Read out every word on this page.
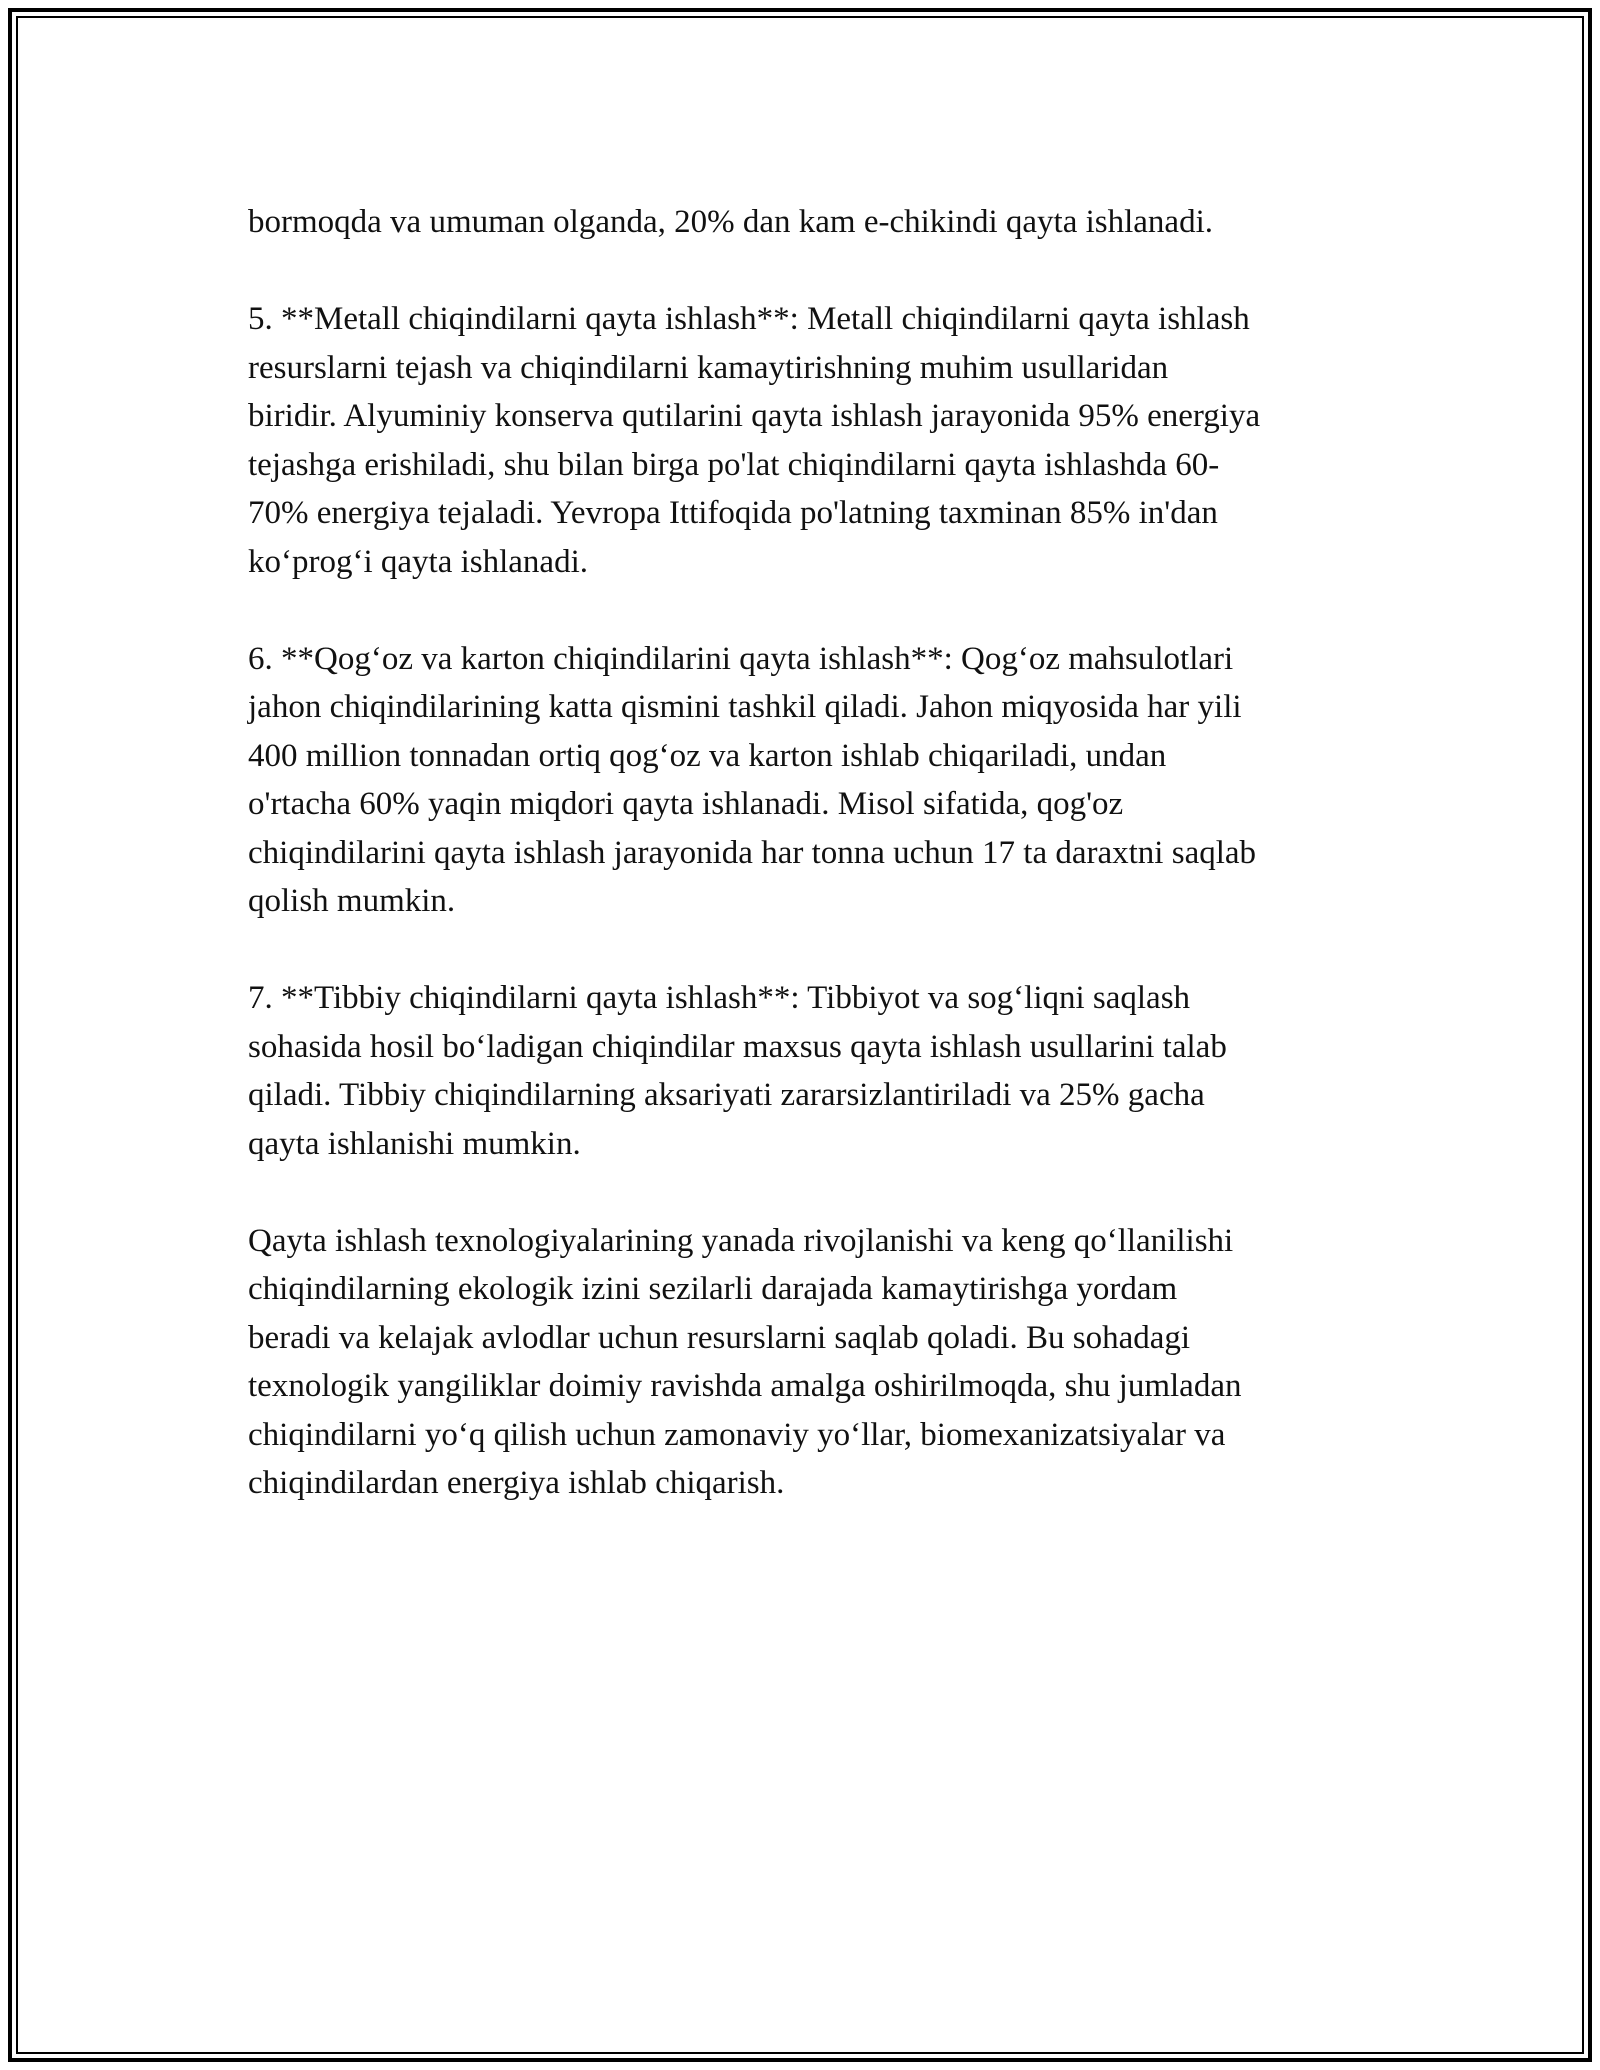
bormoqda va umuman olganda, 20% dan kam e-chikindi qayta ishlanadi.

5. **Metall chiqindilarni qayta ishlash**: Metall chiqindilarni qayta ishlash
resurslarni tejash va chiqindilarni kamaytirishning muhim usullaridan
biridir. Alyuminiy konserva qutilarini qayta ishlash jarayonida 95% energiya
tejashga erishiladi, shu bilan birga po'lat chiqindilarni qayta ishlashda 60-
70% energiya tejaladi. Yevropa Ittifoqida po'latning taxminan 85% in'dan
ko‘prog‘i qayta ishlanadi.

6. **Qog‘oz va karton chiqindilarini qayta ishlash**: Qog‘oz mahsulotlari
jahon chiqindilarining katta qismini tashkil qiladi. Jahon miqyosida har yili
400 million tonnadan ortiq qog‘oz va karton ishlab chiqariladi, undan
o'rtacha 60% yaqin miqdori qayta ishlanadi. Misol sifatida, qog'oz
chiqindilarini qayta ishlash jarayonida har tonna uchun 17 ta daraxtni saqlab
qolish mumkin.

7. **Tibbiy chiqindilarni qayta ishlash**: Tibbiyot va sog‘liqni saqlash
sohasida hosil bo‘ladigan chiqindilar maxsus qayta ishlash usullarini talab
qiladi. Tibbiy chiqindilarning aksariyati zararsizlantiriladi va 25% gacha
qayta ishlanishi mumkin.

Qayta ishlash texnologiyalarining yanada rivojlanishi va keng qo‘llanilishi
chiqindilarning ekologik izini sezilarli darajada kamaytirishga yordam
beradi va kelajak avlodlar uchun resurslarni saqlab qoladi. Bu sohadagi
texnologik yangiliklar doimiy ravishda amalga oshirilmoqda, shu jumladan
chiqindilarni yo‘q qilish uchun zamonaviy yo‘llar, biomexanizatsiyalar va
chiqindilardan energiya ishlab chiqarish.
